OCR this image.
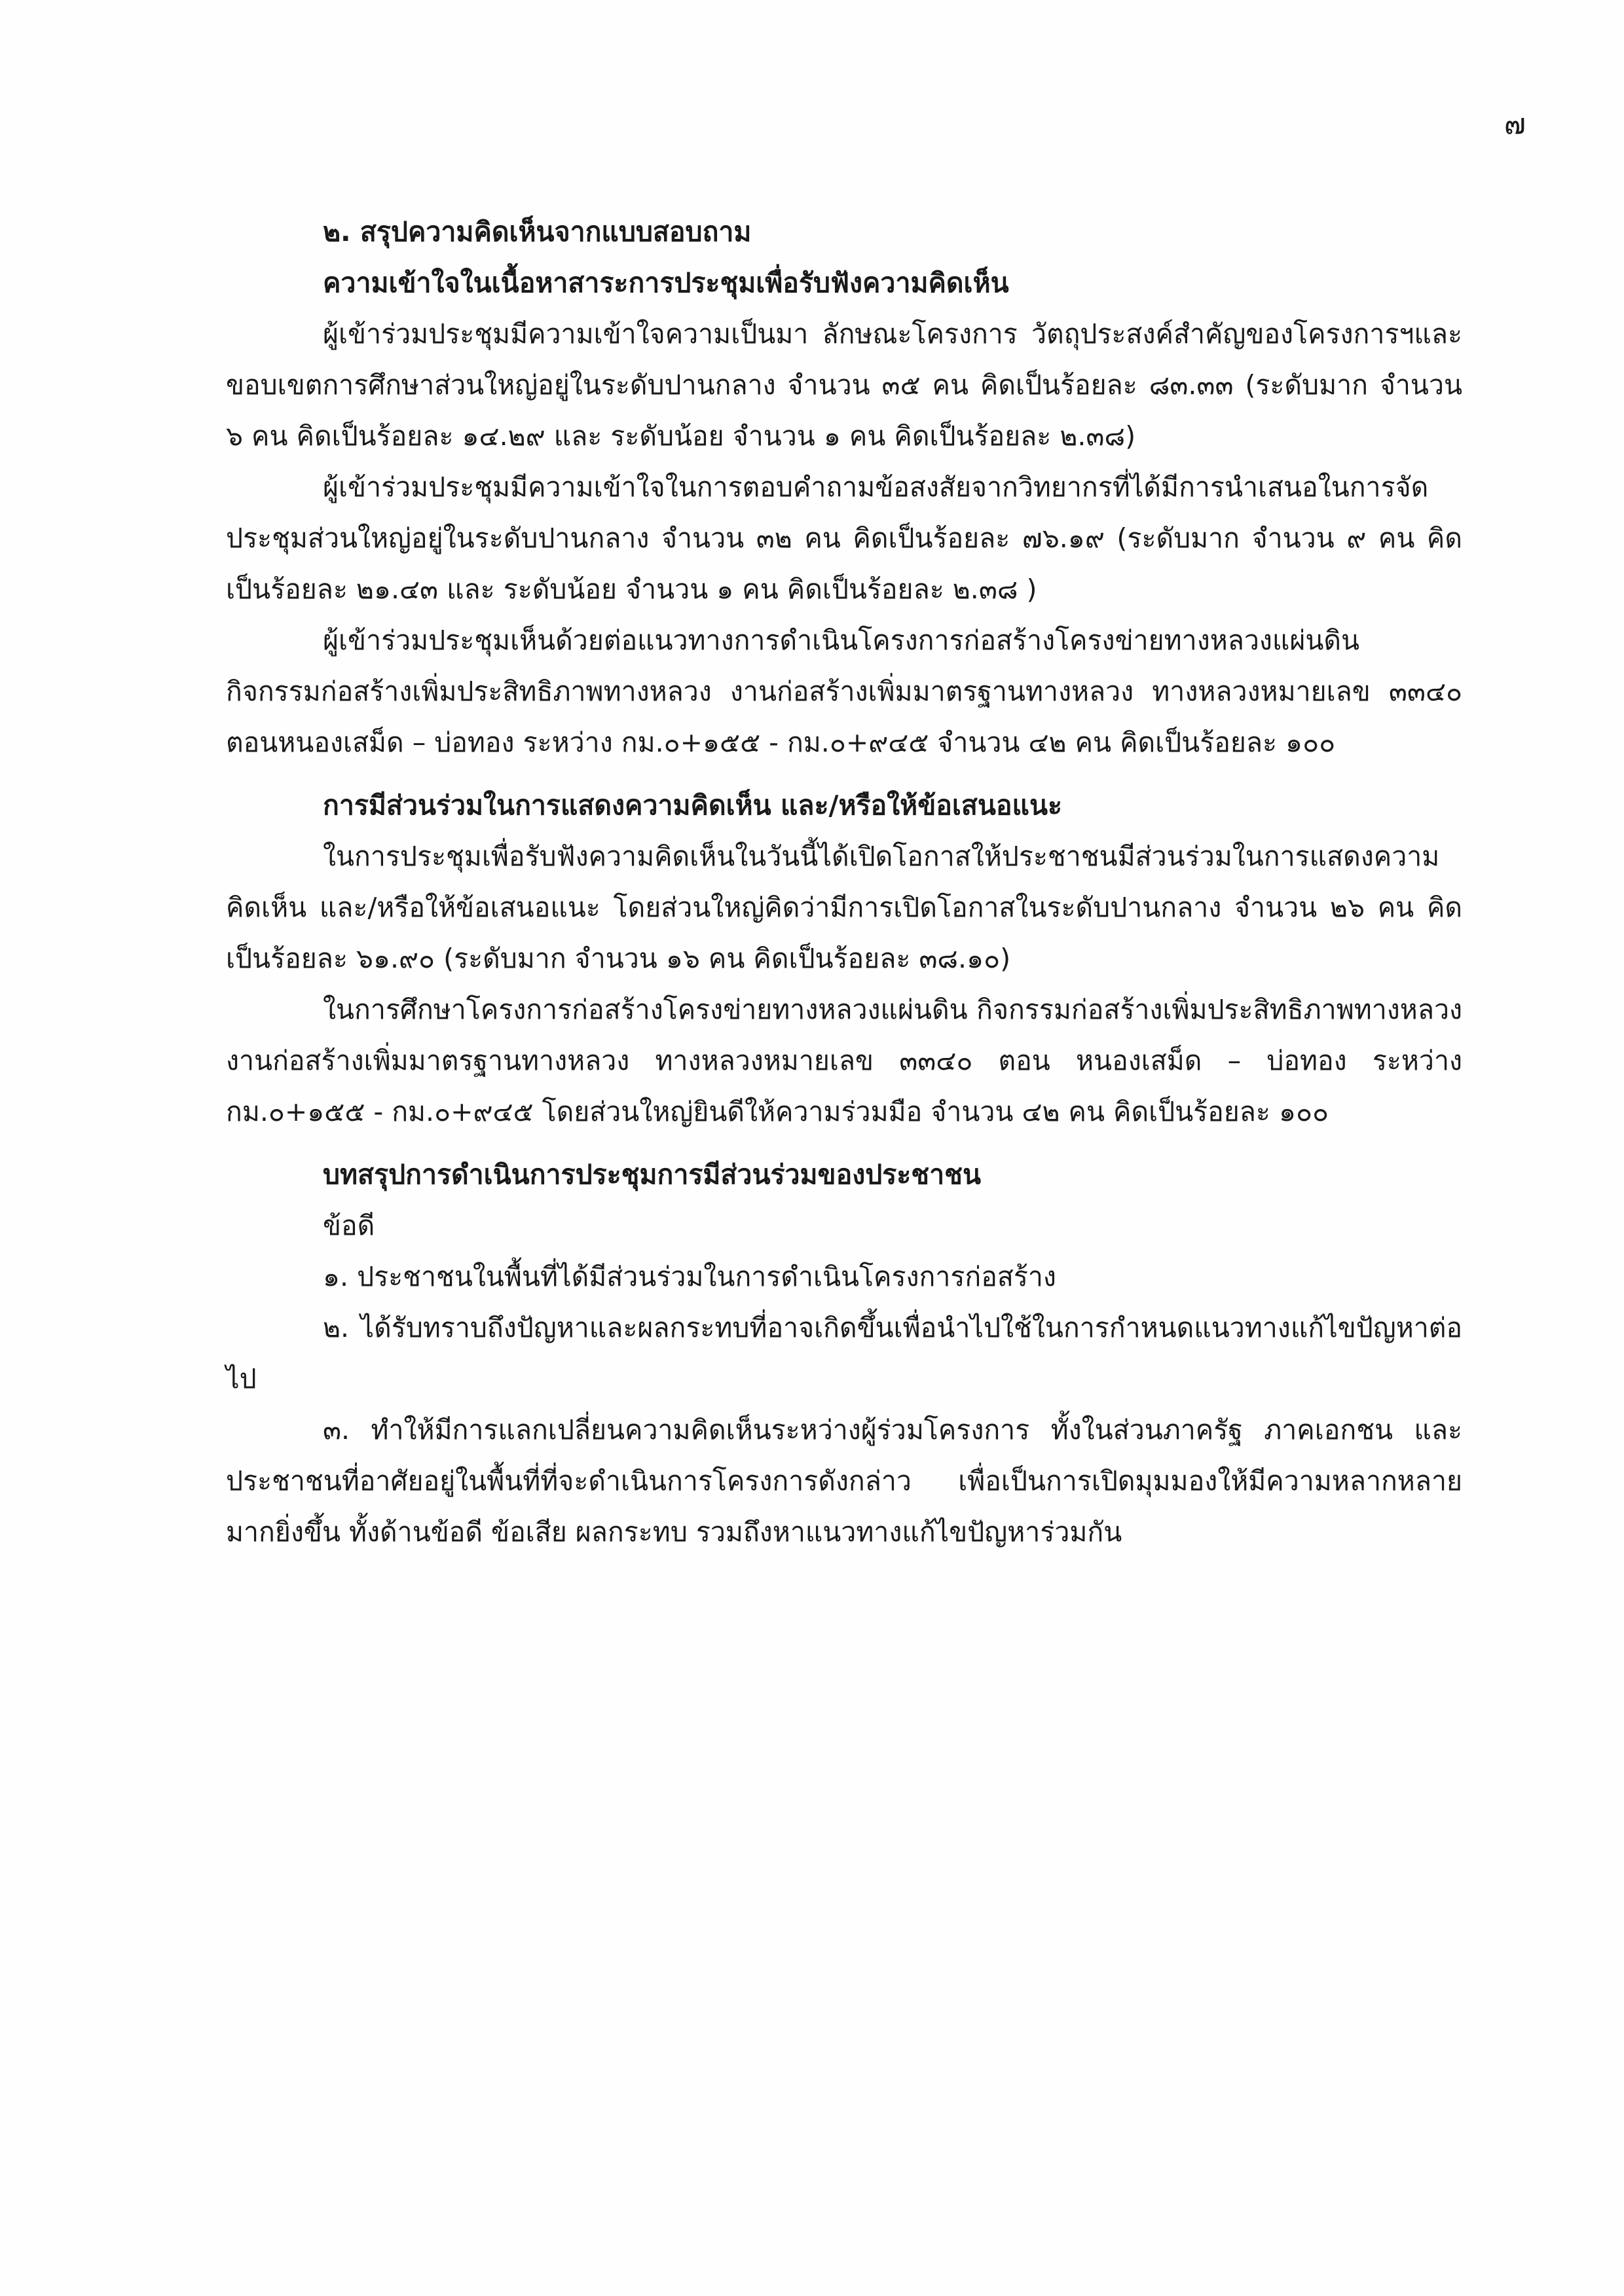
๗

๒. สรุปความคิดเห็นจากแบบสอบถาม

ความเข้าใจในเนื้อหาสาระการประชุมเพื่อรับฟังความคิดเห็น

ผู้เข้าร่วมประชุมมีความเข้าใจความเป็นมา ลักษณะโครงการ วัตถุประสงค์สำคัญของโครงการฯและขอบเขตการศึกษาส่วนใหญ่อยู่ในระดับปานกลาง จำนวน ๓๕ คน คิดเป็นร้อยละ ๘๓.๓๓ (ระดับมาก จำนวน ๖ คน คิดเป็นร้อยละ ๑๔.๒๙ และ ระดับน้อย จำนวน ๑ คน คิดเป็นร้อยละ ๒.๓๘)

ผู้เข้าร่วมประชุมมีความเข้าใจในการตอบคำถามข้อสงสัยจากวิทยากรที่ได้มีการนำเสนอในการจัดประชุมส่วนใหญ่อยู่ในระดับปานกลาง จำนวน ๓๒ คน คิดเป็นร้อยละ ๗๖.๑๙ (ระดับมาก จำนวน ๙ คน คิดเป็นร้อยละ ๒๑.๔๓ และ ระดับน้อย จำนวน ๑ คน คิดเป็นร้อยละ ๒.๓๘ )

ผู้เข้าร่วมประชุมเห็นด้วยต่อแนวทางการดำเนินโครงการก่อสร้างโครงข่ายทางหลวงแผ่นดิน กิจกรรมก่อสร้างเพิ่มประสิทธิภาพทางหลวง งานก่อสร้างเพิ่มมาตรฐานทางหลวง ทางหลวงหมายเลข ๓๓๔๐ ตอนหนองเสม็ด – บ่อทอง ระหว่าง กม.๐+๑๕๕ - กม.๐+๙๔๕ จำนวน ๔๒ คน คิดเป็นร้อยละ ๑๐๐

การมีส่วนร่วมในการแสดงความคิดเห็น และ/หรือให้ข้อเสนอแนะ

ในการประชุมเพื่อรับฟังความคิดเห็นในวันนี้ได้เปิดโอกาสให้ประชาชนมีส่วนร่วมในการแสดงความคิดเห็น และ/หรือให้ข้อเสนอแนะ โดยส่วนใหญ่คิดว่ามีการเปิดโอกาสในระดับปานกลาง จำนวน ๒๖ คน คิดเป็นร้อยละ ๖๑.๙๐ (ระดับมาก จำนวน ๑๖ คน คิดเป็นร้อยละ ๓๘.๑๐)

ในการศึกษาโครงการก่อสร้างโครงข่ายทางหลวงแผ่นดิน กิจกรรมก่อสร้างเพิ่มประสิทธิภาพทางหลวง งานก่อสร้างเพิ่มมาตรฐานทางหลวง ทางหลวงหมายเลข ๓๓๔๐ ตอน หนองเสม็ด – บ่อทอง ระหว่าง กม.๐+๑๕๕ - กม.๐+๙๔๕ โดยส่วนใหญ่ยินดีให้ความร่วมมือ จำนวน ๔๒ คน คิดเป็นร้อยละ ๑๐๐

บทสรุปการดำเนินการประชุมการมีส่วนร่วมของประชาชน

ข้อดี

๑. ประชาชนในพื้นที่ได้มีส่วนร่วมในการดำเนินโครงการก่อสร้าง

๒. ได้รับทราบถึงปัญหาและผลกระทบที่อาจเกิดขึ้นเพื่อนำไปใช้ในการกำหนดแนวทางแก้ไขปัญหาต่อไป

๓. ทำให้มีการแลกเปลี่ยนความคิดเห็นระหว่างผู้ร่วมโครงการ ทั้งในส่วนภาครัฐ ภาคเอกชน และประชาชนที่อาศัยอยู่ในพื้นที่ที่จะดำเนินการโครงการดังกล่าว เพื่อเป็นการเปิดมุมมองให้มีความหลากหลายมากยิ่งขึ้น ทั้งด้านข้อดี ข้อเสีย ผลกระทบ รวมถึงหาแนวทางแก้ไขปัญหาร่วมกัน
